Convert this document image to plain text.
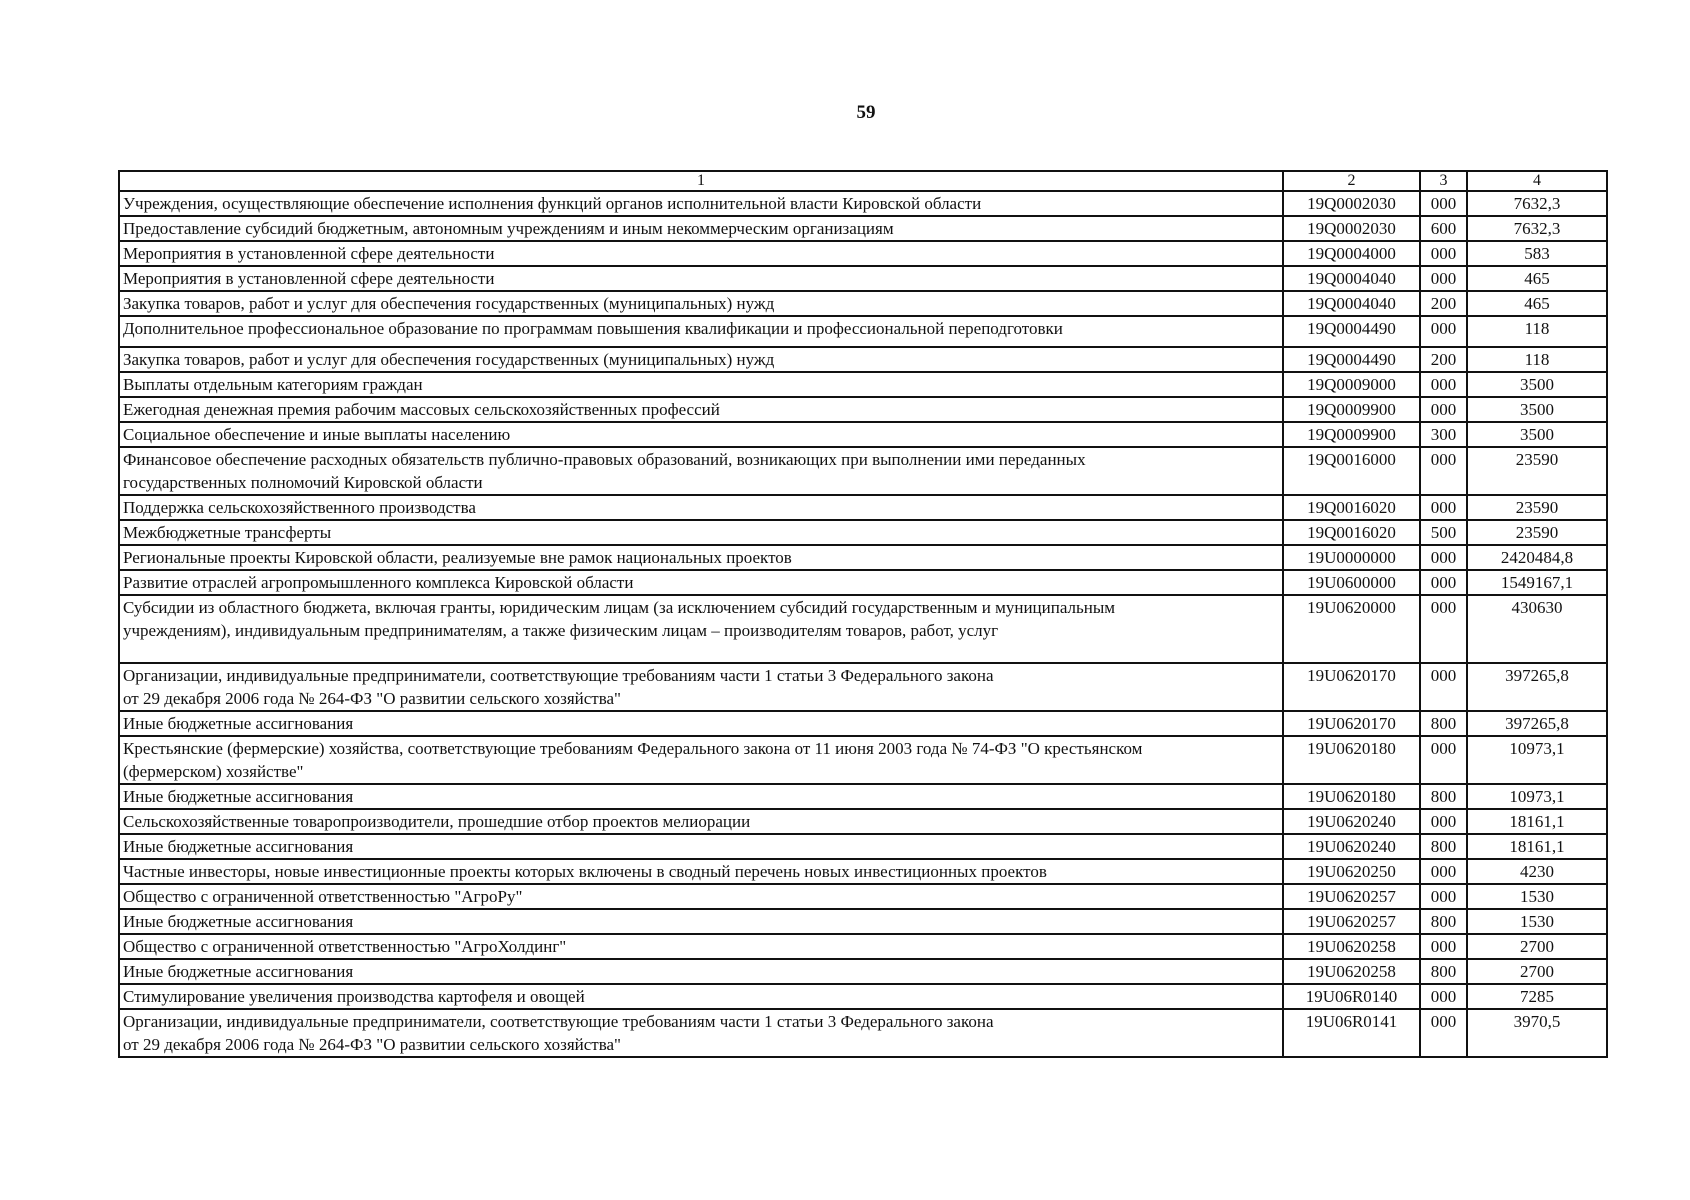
59
1	2	3	4
Учреждения, осуществляющие обеспечение исполнения функций органов исполнительной власти Кировской области	19Q0002030	000	7632,3
Предоставление субсидий бюджетным, автономным учреждениям и иным некоммерческим организациям	19Q0002030	600	7632,3
Мероприятия в установленной сфере деятельности	19Q0004000	000	583
Мероприятия в установленной сфере деятельности	19Q0004040	000	465
Закупка товаров, работ и услуг для обеспечения государственных (муниципальных) нужд	19Q0004040	200	465
Дополнительное профессиональное образование по программам повышения квалификации и профессиональной переподготовки	19Q0004490	000	118
Закупка товаров, работ и услуг для обеспечения государственных (муниципальных) нужд	19Q0004490	200	118
Выплаты отдельным категориям граждан	19Q0009000	000	3500
Ежегодная денежная премия рабочим массовых сельскохозяйственных профессий	19Q0009900	000	3500
Социальное обеспечение и иные выплаты населению	19Q0009900	300	3500
Финансовое обеспечение расходных обязательств публично-правовых образований, возникающих при выполнении ими переданных
государственных полномочий Кировской области	19Q0016000	000	23590
Поддержка сельскохозяйственного производства	19Q0016020	000	23590
Межбюджетные трансферты	19Q0016020	500	23590
Региональные проекты Кировской области, реализуемые вне рамок национальных проектов	19U0000000	000	2420484,8
Развитие отраслей агропромышленного комплекса Кировской области	19U0600000	000	1549167,1
Субсидии из областного бюджета, включая гранты, юридическим лицам (за исключением субсидий государственным и муниципальным
учреждениям), индивидуальным предпринимателям, а также физическим лицам – производителям товаров, работ, услуг	19U0620000	000	430630
Организации, индивидуальные предприниматели, соответствующие требованиям части 1 статьи 3 Федерального закона
от 29 декабря 2006 года № 264-ФЗ "О развитии сельского хозяйства"	19U0620170	000	397265,8
Иные бюджетные ассигнования	19U0620170	800	397265,8
Крестьянские (фермерские) хозяйства, соответствующие требованиям Федерального закона от 11 июня 2003 года № 74-ФЗ "О крестьянском
(фермерском) хозяйстве"	19U0620180	000	10973,1
Иные бюджетные ассигнования	19U0620180	800	10973,1
Сельскохозяйственные товаропроизводители, прошедшие отбор проектов мелиорации	19U0620240	000	18161,1
Иные бюджетные ассигнования	19U0620240	800	18161,1
Частные инвесторы, новые инвестиционные проекты которых включены в сводный перечень новых инвестиционных проектов	19U0620250	000	4230
Общество с ограниченной ответственностью "АгроРу"	19U0620257	000	1530
Иные бюджетные ассигнования	19U0620257	800	1530
Общество с ограниченной ответственностью "АгроХолдинг"	19U0620258	000	2700
Иные бюджетные ассигнования	19U0620258	800	2700
Стимулирование увеличения производства картофеля и овощей	19U06R0140	000	7285
Организации, индивидуальные предприниматели, соответствующие требованиям части 1 статьи 3 Федерального закона
от 29 декабря 2006 года № 264-ФЗ "О развитии сельского хозяйства"	19U06R0141	000	3970,5
